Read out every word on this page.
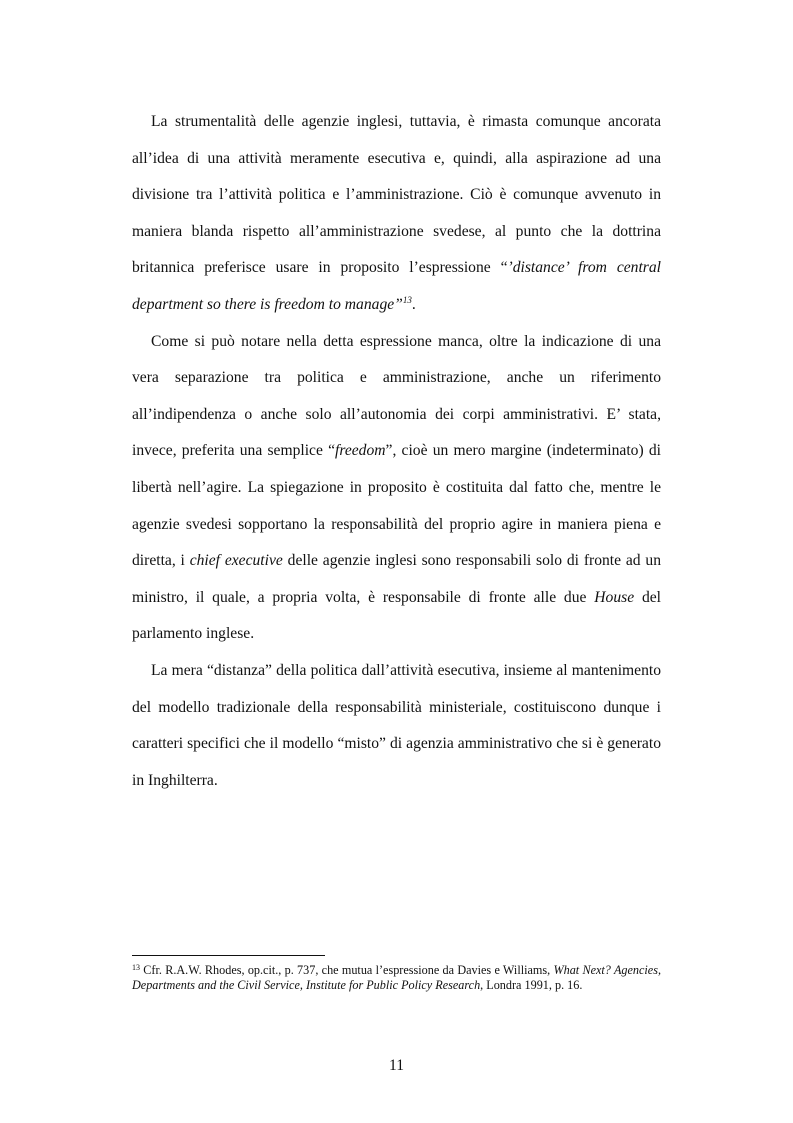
La strumentalità delle agenzie inglesi, tuttavia, è rimasta comunque ancorata all’idea di una attività meramente esecutiva e, quindi, alla aspirazione ad una divisione tra l’attività politica e l’amministrazione. Ciò è comunque avvenuto in maniera blanda rispetto all’amministrazione svedese, al punto che la dottrina britannica preferisce usare in proposito l’espressione “’distance’ from central department so there is freedom to manage”$^{13}$.

Come si può notare nella detta espressione manca, oltre la indicazione di una vera separazione tra politica e amministrazione, anche un riferimento all’indipendenza o anche solo all’autonomia dei corpi amministrativi. E’ stata, invece, preferita una semplice “freedom”, cioè un mero margine (indeterminato) di libertà nell’agire. La spiegazione in proposito è costituita dal fatto che, mentre le agenzie svedesi sopportano la responsabilità del proprio agire in maniera piena e diretta, i chief executive delle agenzie inglesi sono responsabili solo di fronte ad un ministro, il quale, a propria volta, è responsabile di fronte alle due House del parlamento inglese.

La mera “distanza” della politica dall’attività esecutiva, insieme al mantenimento del modello tradizionale della responsabilità ministeriale, costituiscono dunque i caratteri specifici che il modello “misto” di agenzia amministrativo che si è generato in Inghilterra.

$^{13}$ Cfr. R.A.W. Rhodes, op.cit., p. 737, che mutua l’espressione da Davies e Williams, What Next? Agencies, Departments and the Civil Service, Institute for Public Policy Research, Londra 1991, p. 16.
11
